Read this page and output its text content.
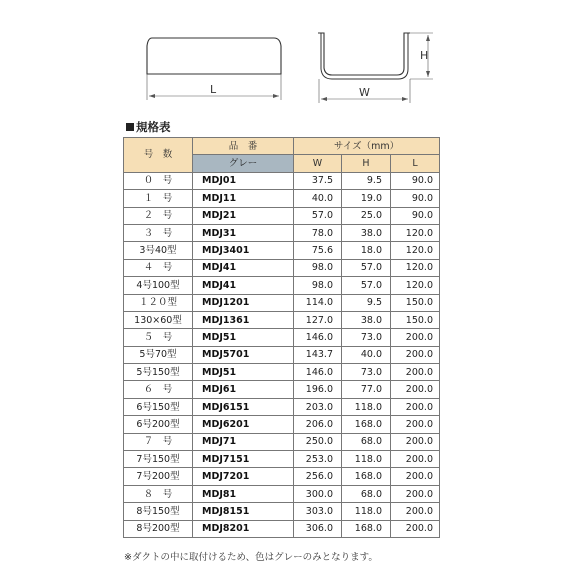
L	W
H
規格表
号　数	品　番	サイズ（mm）		
	グレー	W	H	L
０　号	MDJ01	37.5	9.5	90.0
１　号	MDJ11	40.0	19.0	90.0
２　号	MDJ21	57.0	25.0	90.0
３　号	MDJ31	78.0	38.0	120.0
3号40型	MDJ3401	75.6	18.0	120.0
４　号	MDJ41	98.0	57.0	120.0
4号100型	MDJ41	98.0	57.0	120.0
１２０型	MDJ1201	114.0	9.5	150.0
130×60型	MDJ1361	127.0	38.0	150.0
５　号	MDJ51	146.0	73.0	200.0
5号70型	MDJ5701	143.7	40.0	200.0
5号150型	MDJ51	146.0	73.0	200.0
６　号	MDJ61	196.0	77.0	200.0
6号150型	MDJ6151	203.0	118.0	200.0
6号200型	MDJ6201	206.0	168.0	200.0
７　号	MDJ71	250.0	68.0	200.0
7号150型	MDJ7151	253.0	118.0	200.0
7号200型	MDJ7201	256.0	168.0	200.0
８　号	MDJ81	300.0	68.0	200.0
8号150型	MDJ8151	303.0	118.0	200.0
8号200型	MDJ8201	306.0	168.0	200.0
※ダクトの中に取付けるため、色はグレーのみとなります。
